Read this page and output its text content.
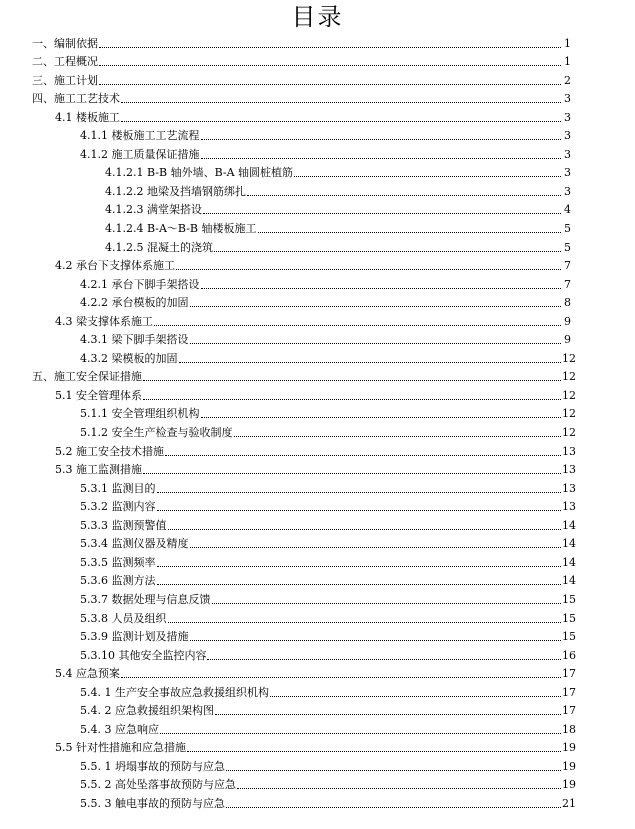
目录
一、编制依据	1
二、工程概况	1
三、施工计划	2
四、施工工艺技术	3
4.1 楼板施工	3
4.1.1 楼板施工工艺流程	3
4.1.2 施工质量保证措施	3
4.1.2.1 B-B 轴外墙、B-A 轴圆桩植筋	3
4.1.2.2 地梁及挡墙钢筋绑扎	3
4.1.2.3 满堂架搭设	4
4.1.2.4 B-A～B-B 轴楼板施工	5
4.1.2.5 混凝土的浇筑	5
4.2 承台下支撑体系施工	7
4.2.1 承台下脚手架搭设	7
4.2.2 承台模板的加固	8
4.3 梁支撑体系施工	9
4.3.1 梁下脚手架搭设	9
4.3.2 梁模板的加固	12
五、施工安全保证措施	12
5.1 安全管理体系	12
5.1.1 安全管理组织机构	12
5.1.2 安全生产检查与验收制度	12
5.2 施工安全技术措施	13
5.3 施工监测措施	13
5.3.1 监测目的	13
5.3.2 监测内容	13
5.3.3 监测预警值	14
5.3.4 监测仪器及精度	14
5.3.5 监测频率	14
5.3.6 监测方法	14
5.3.7 数据处理与信息反馈	15
5.3.8 人员及组织	15
5.3.9 监测计划及措施	15
5.3.10 其他安全监控内容	16
5.4 应急预案	17
5.4. 1 生产安全事故应急救援组织机构	17
5.4. 2 应急救援组织架构图	17
5.4. 3 应急响应	18
5.5 针对性措施和应急措施	19
5.5. 1 坍塌事故的预防与应急	19
5.5. 2 高处坠落事故预防与应急	19
5.5. 3 触电事故的预防与应急	21
